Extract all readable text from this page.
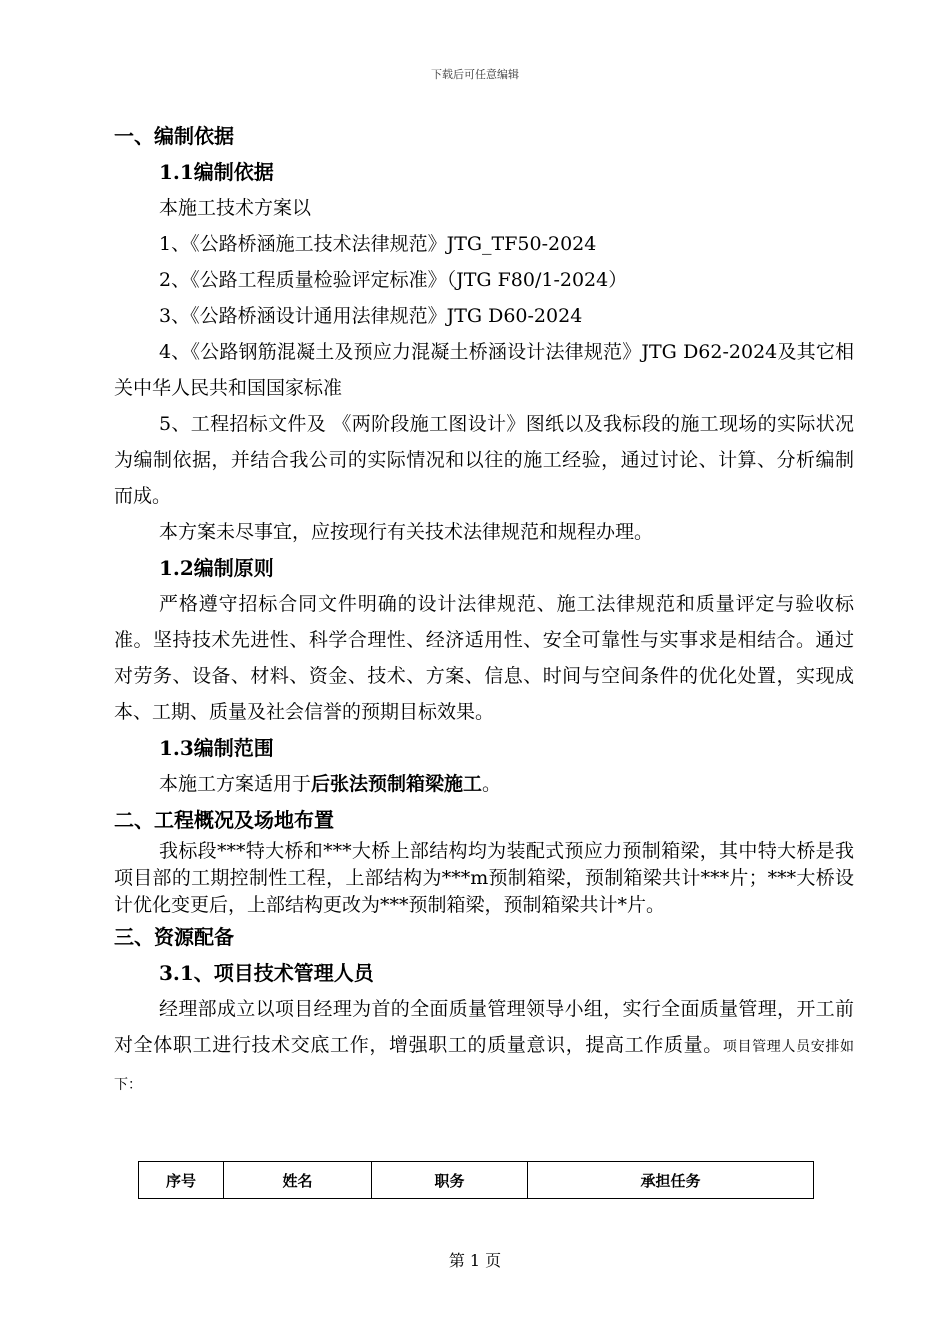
下载后可任意编辑
一、编制依据
1.1编制依据
本施工技术方案以
1、《公路桥涵施工技术法律规范》JTG_TF50-2024
2、《公路工程质量检验评定标准》（JTG F80/1-2024）
3、《公路桥涵设计通用法律规范》JTG D60-2024
4、《公路钢筋混凝土及预应力混凝土桥涵设计法律规范》JTG D62-2024及其它相关中华人民共和国国家标准
5、工程招标文件及 《两阶段施工图设计》图纸以及我标段的施工现场的实际状况为编制依据，并结合我公司的实际情况和以往的施工经验，通过讨论、计算、分析编制而成。
本方案未尽事宜，应按现行有关技术法律规范和规程办理。
1.2编制原则
严格遵守招标合同文件明确的设计法律规范、施工法律规范和质量评定与验收标准。坚持技术先进性、科学合理性、经济适用性、安全可靠性与实事求是相结合。通过对劳务、设备、材料、资金、技术、方案、信息、时间与空间条件的优化处置，实现成本、工期、质量及社会信誉的预期目标效果。
1.3编制范围
本施工方案适用于后张法预制箱梁施工。
二、工程概况及场地布置
我标段***特大桥和***大桥上部结构均为装配式预应力预制箱梁，其中特大桥是我项目部的工期控制性工程，上部结构为***m预制箱梁，预制箱梁共计***片；***大桥设计优化变更后，上部结构更改为***预制箱梁，预制箱梁共计*片。
三、资源配备
3.1、项目技术管理人员
经理部成立以项目经理为首的全面质量管理领导小组，实行全面质量管理，开工前对全体职工进行技术交底工作，增强职工的质量意识，提高工作质量。项目管理人员安排如下：
序号	姓名	职务	承担任务
第 1 页
